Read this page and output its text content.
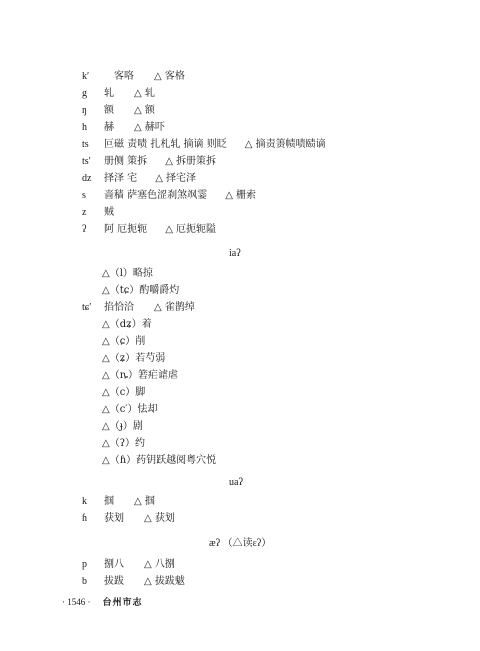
k′ 客咯 △ 客格
g 轧 △ 轧
ŋ 额 △ 额
h 赫 △ 赫吓
ts 叵磁 责啧 扎札轧 摘谪 则眨 △ 摘责箦帻啧赜谪
ts′ 册侧 策拆 △ 拆册策拆
dz 择泽 宅 △ 择宅泽
s 啬穑 萨塞色涩刹煞飒霎 △ 栅索
z 贼
ʔ 阿 厄扼轭 △ 厄扼轭隘
iaʔ
△（l）略掠
△（tɕ）酌嚼爵灼
tɕ′ 掐恰洽　　△ 雀鹊绰
△（dʑ）着
△（ɕ）削
△（ʑ）若芍弱
△（ȵ）箬疟谑虐
△（c）脚
△（c′）怯却
△（ɟ）剧
△（ʔ）约
△（ɦ）药钥跃越阅粤穴悦
uaʔ
k 掴 △ 掴
ɦ 获划 △ 获划
æʔ （△读ɛʔ）
p 捌八 △ 八捌
b 拔跋 △ 拔跋魃
· 1546 · 台州市志
